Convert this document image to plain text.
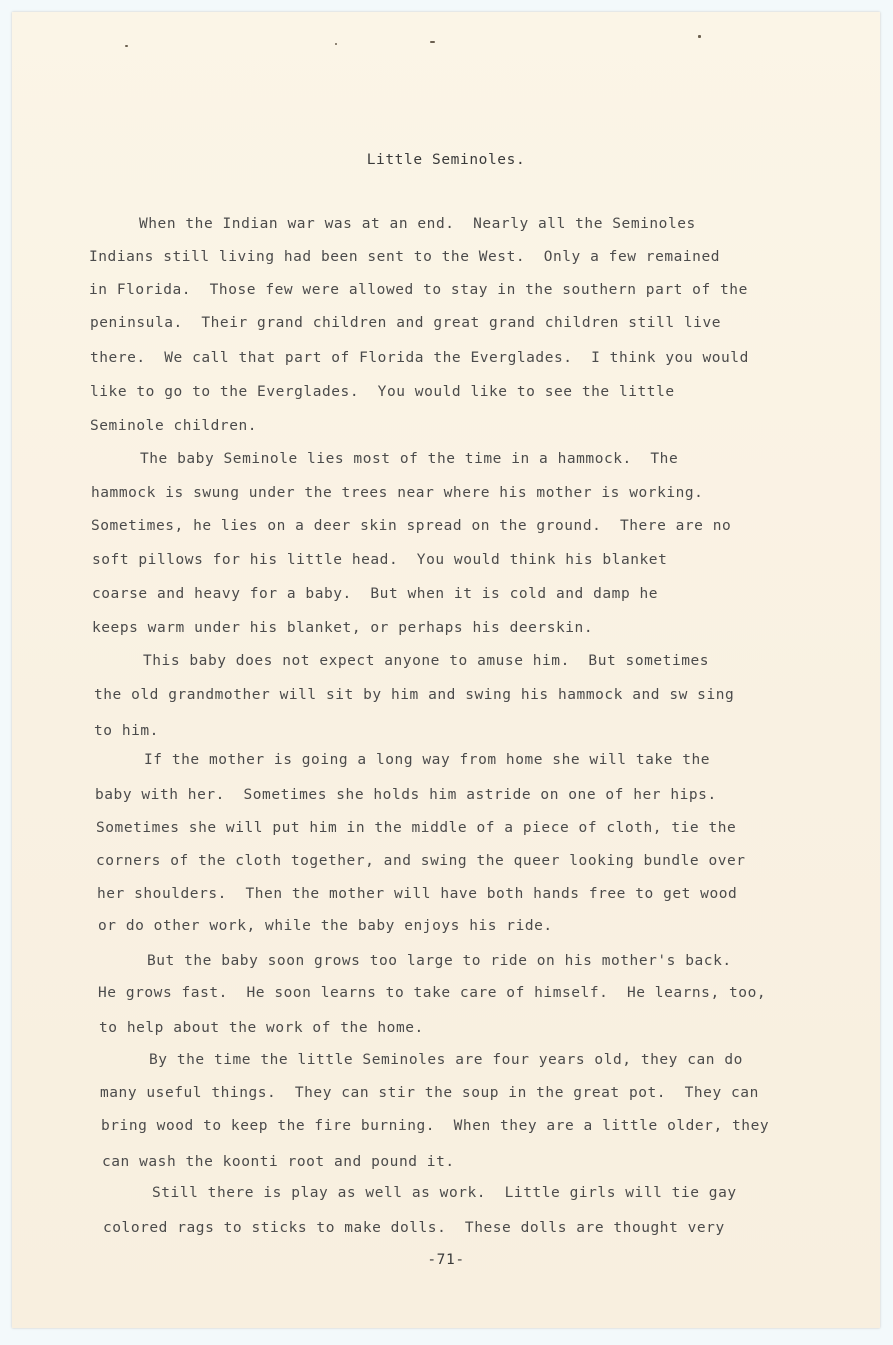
Little Seminoles.
When the Indian war was at an end.  Nearly all the Seminoles
Indians still living had been sent to the West.  Only a few remained
in Florida.  Those few were allowed to stay in the southern part of the
peninsula.  Their grand children and great grand children still live
there.  We call that part of Florida the Everglades.  I think you would
like to go to the Everglades.  You would like to see the little
Seminole children.
The baby Seminole lies most of the time in a hammock.  The
hammock is swung under the trees near where his mother is working.
Sometimes, he lies on a deer skin spread on the ground.  There are no
soft pillows for his little head.  You would think his blanket
coarse and heavy for a baby.  But when it is cold and damp he
keeps warm under his blanket, or perhaps his deerskin.
This baby does not expect anyone to amuse him.  But sometimes
the old grandmother will sit by him and swing his hammock and sw sing
to him.
If the mother is going a long way from home she will take the
baby with her.  Sometimes she holds him astride on one of her hips.
Sometimes she will put him in the middle of a piece of cloth, tie the
corners of the cloth together, and swing the queer looking bundle over
her shoulders.  Then the mother will have both hands free to get wood
or do other work, while the baby enjoys his ride.
But the baby soon grows too large to ride on his mother's back.
He grows fast.  He soon learns to take care of himself.  He learns, too,
to help about the work of the home.
By the time the little Seminoles are four years old, they can do
many useful things.  They can stir the soup in the great pot.  They can
bring wood to keep the fire burning.  When they are a little older, they
can wash the koonti root and pound it.
Still there is play as well as work.  Little girls will tie gay
colored rags to sticks to make dolls.  These dolls are thought very
-71-
